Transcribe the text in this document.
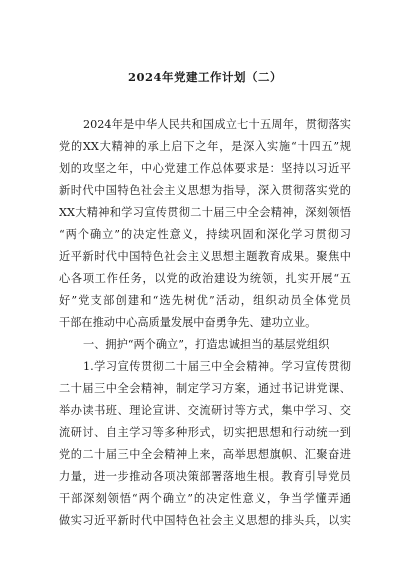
2024年党建工作计划（二）
2024年是中华人民共和国成立七十五周年，贯彻落实
党的XX大精神的承上启下之年，是深入实施“十四五”规
划的攻坚之年，中心党建工作总体要求是：坚持以习近平
新时代中国特色社会主义思想为指导，深入贯彻落实党的
XX大精神和学习宣传贯彻二十届三中全会精神，深刻领悟
“两个确立”的决定性意义，持续巩固和深化学习贯彻习
近平新时代中国特色社会主义思想主题教育成果。聚焦中
心各项工作任务，以党的政治建设为统领，扎实开展“五
好”党支部创建和“选先树优”活动，组织动员全体党员
干部在推动中心高质量发展中奋勇争先、建功立业。
一、拥护“两个确立”，打造忠诚担当的基层党组织
1.学习宣传贯彻二十届三中全会精神。学习宣传贯彻
二十届三中全会精神，制定学习方案，通过书记讲党课、
举办读书班、理论宣讲、交流研讨等方式，集中学习、交
流研讨、自主学习等多种形式，切实把思想和行动统一到
党的二十届三中全会精神上来，高举思想旗帜、汇聚奋进
力量，进一步推动各项决策部署落地生根。教育引导党员
干部深刻领悟“两个确立”的决定性意义，争当学懂弄通
做实习近平新时代中国特色社会主义思想的排头兵，以实
